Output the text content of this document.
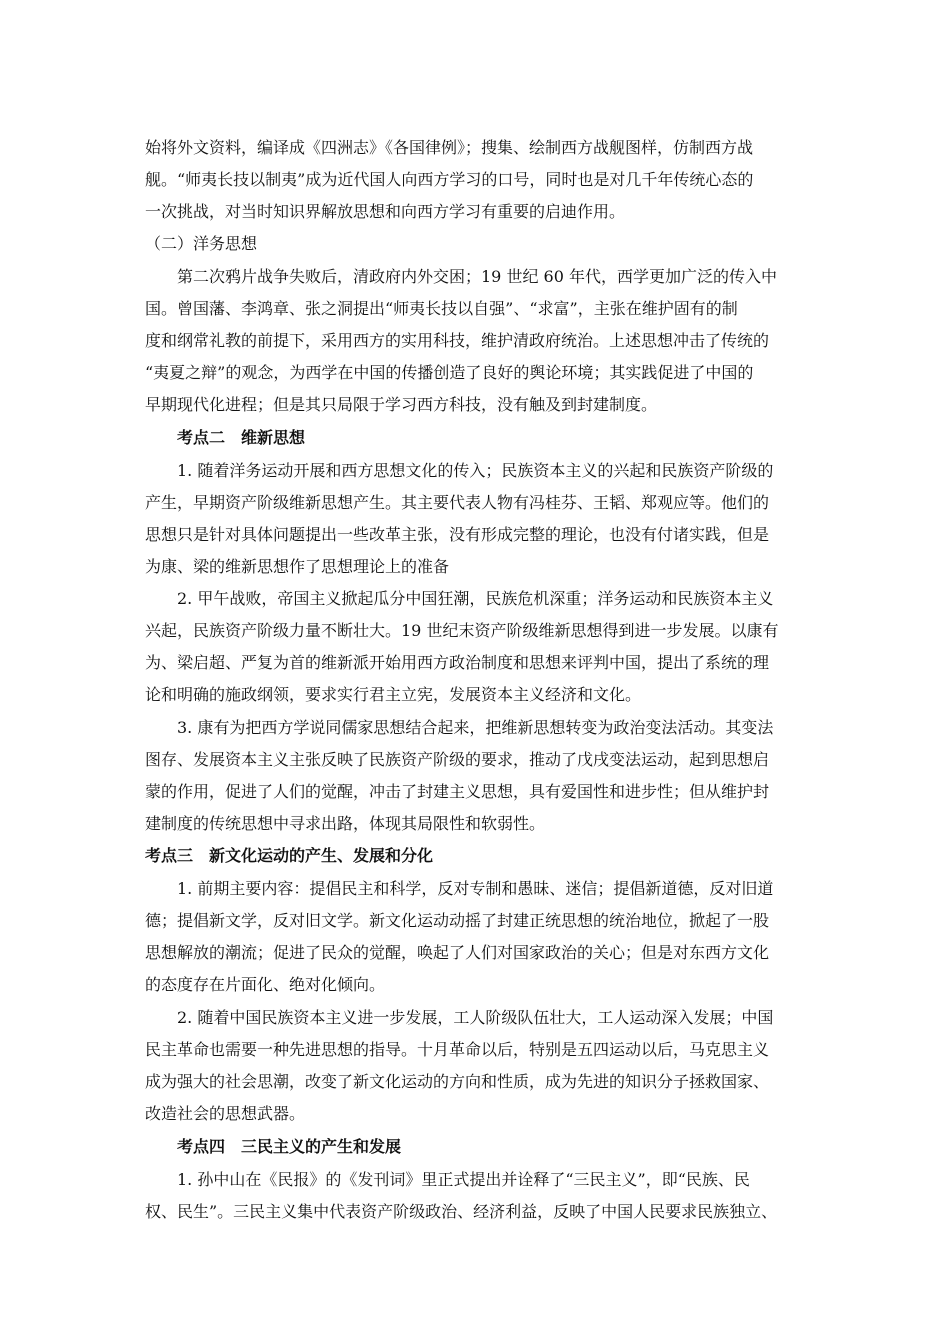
始将外文资料，编译成《四洲志》《各国律例》；搜集、绘制西方战舰图样，仿制西方战
舰。“师夷长技以制夷”成为近代国人向西方学习的口号，同时也是对几千年传统心态的
一次挑战，对当时知识界解放思想和向西方学习有重要的启迪作用。
（二）洋务思想
第二次鸦片战争失败后，清政府内外交困；19 世纪 60 年代，西学更加广泛的传入中
国。曾国藩、李鸿章、张之洞提出“师夷长技以自强”、“求富”，主张在维护固有的制
度和纲常礼教的前提下，采用西方的实用科技，维护清政府统治。上述思想冲击了传统的
“夷夏之辩”的观念，为西学在中国的传播创造了良好的舆论环境；其实践促进了中国的
早期现代化进程；但是其只局限于学习西方科技，没有触及到封建制度。
考点二　维新思想
1. 随着洋务运动开展和西方思想文化的传入；民族资本主义的兴起和民族资产阶级的
产生，早期资产阶级维新思想产生。其主要代表人物有冯桂芬、王韬、郑观应等。他们的
思想只是针对具体问题提出一些改革主张，没有形成完整的理论，也没有付诸实践，但是
为康、梁的维新思想作了思想理论上的准备
2. 甲午战败，帝国主义掀起瓜分中国狂潮，民族危机深重；洋务运动和民族资本主义
兴起，民族资产阶级力量不断壮大。19 世纪末资产阶级维新思想得到进一步发展。以康有
为、梁启超、严复为首的维新派开始用西方政治制度和思想来评判中国，提出了系统的理
论和明确的施政纲领，要求实行君主立宪，发展资本主义经济和文化。
3. 康有为把西方学说同儒家思想结合起来，把维新思想转变为政治变法活动。其变法
图存、发展资本主义主张反映了民族资产阶级的要求，推动了戊戌变法运动，起到思想启
蒙的作用，促进了人们的觉醒，冲击了封建主义思想，具有爱国性和进步性；但从维护封
建制度的传统思想中寻求出路，体现其局限性和软弱性。
考点三　新文化运动的产生、发展和分化
1. 前期主要内容：提倡民主和科学，反对专制和愚昧、迷信；提倡新道德，反对旧道
德；提倡新文学，反对旧文学。新文化运动动摇了封建正统思想的统治地位，掀起了一股
思想解放的潮流；促进了民众的觉醒，唤起了人们对国家政治的关心；但是对东西方文化
的态度存在片面化、绝对化倾向。
2. 随着中国民族资本主义进一步发展，工人阶级队伍壮大，工人运动深入发展；中国
民主革命也需要一种先进思想的指导。十月革命以后，特别是五四运动以后，马克思主义
成为强大的社会思潮，改变了新文化运动的方向和性质，成为先进的知识分子拯救国家、
改造社会的思想武器。
考点四　三民主义的产生和发展
1. 孙中山在《民报》的《发刊词》里正式提出并诠释了“三民主义”，即“民族、民
权、民生”。三民主义集中代表资产阶级政治、经济利益，反映了中国人民要求民族独立、
